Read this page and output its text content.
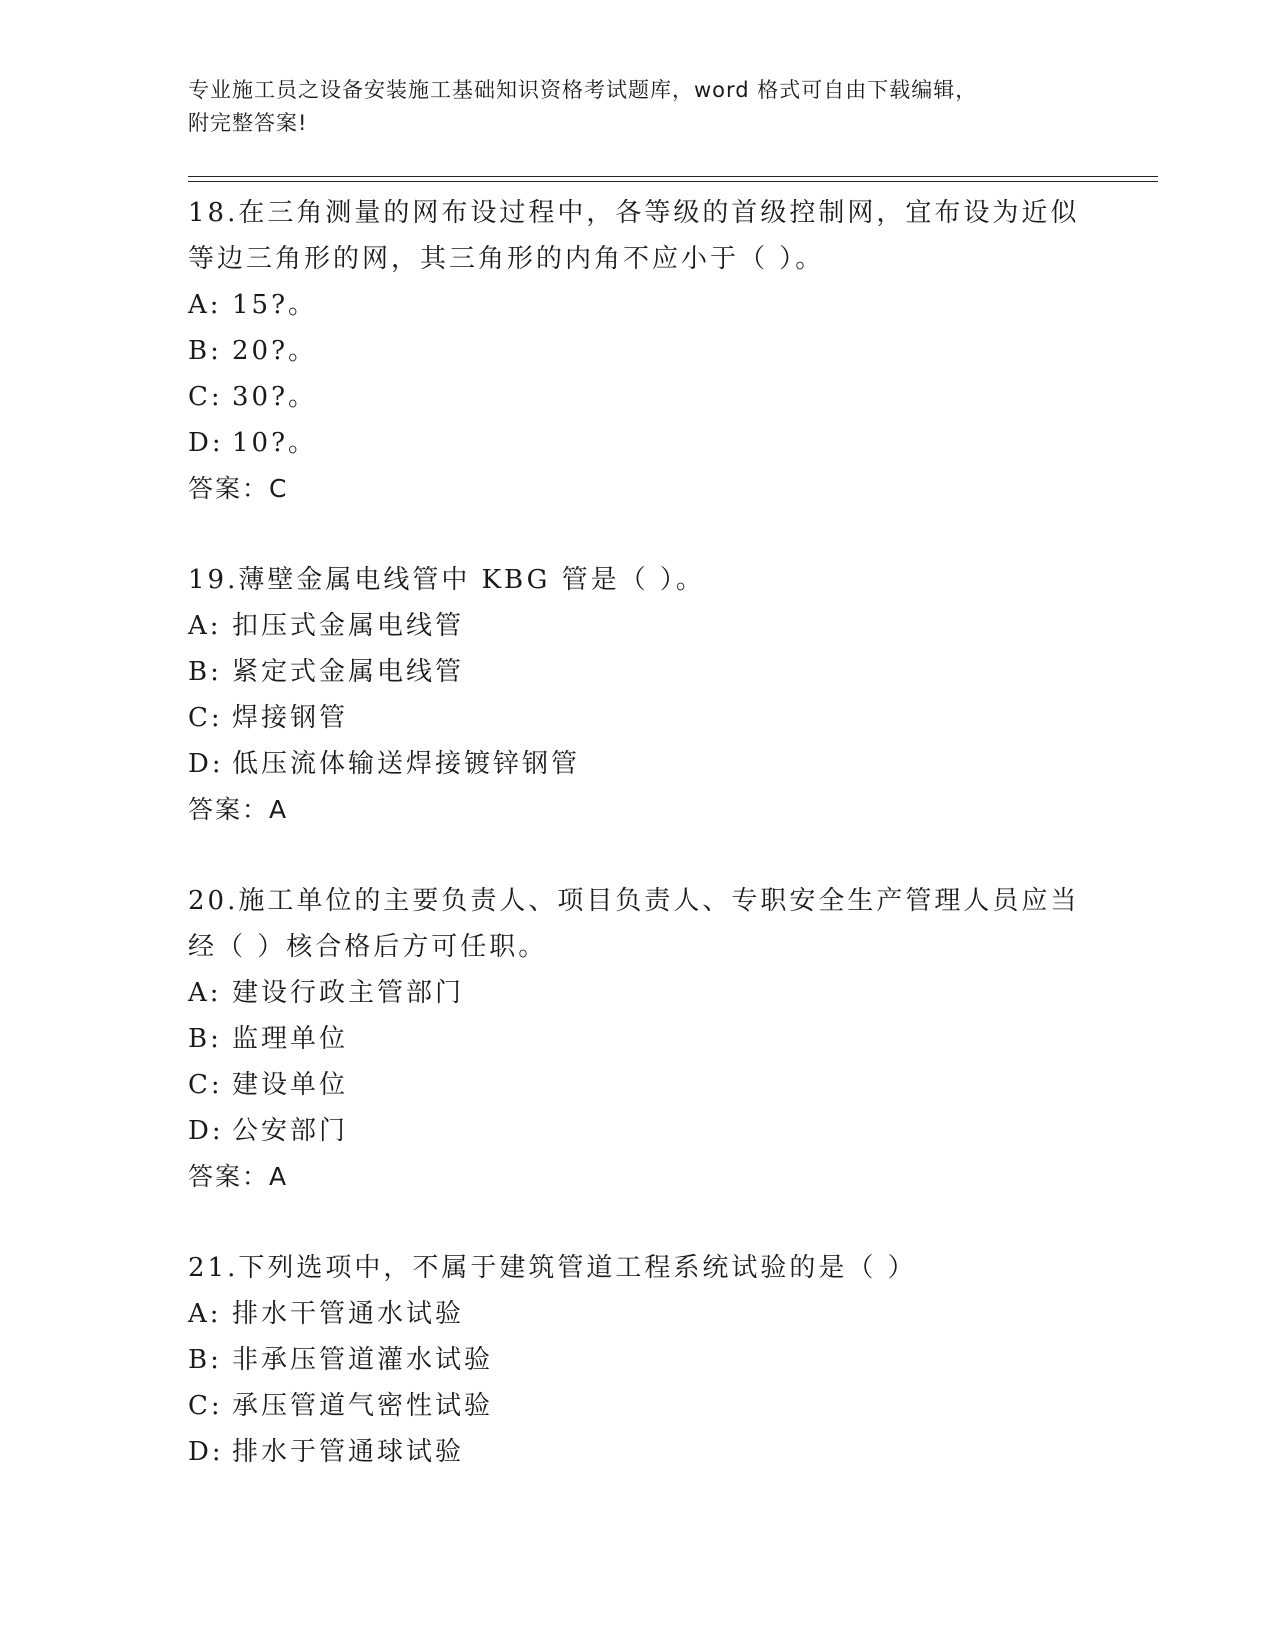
专业施工员之设备安装施工基础知识资格考试题库，word 格式可自由下载编辑，
附完整答案!

18.在三角测量的网布设过程中，各等级的首级控制网，宜布设为近似

等边三角形的网，其三角形的内角不应小于（ ）。

A: 15?。

B: 20?。

C: 30?。

D: 10?。

答案：C

19.薄壁金属电线管中 KBG 管是（ ）。

A: 扣压式金属电线管

B: 紧定式金属电线管

C: 焊接钢管

D: 低压流体输送焊接镀锌钢管

答案：A

20.施工单位的主要负责人、项目负责人、专职安全生产管理人员应当

经（ ）核合格后方可任职。

A: 建设行政主管部门

B: 监理单位

C: 建设单位

D: 公安部门

答案：A

21.下列选项中，不属于建筑管道工程系统试验的是（ ）

A: 排水干管通水试验

B: 非承压管道灌水试验

C: 承压管道气密性试验

D: 排水于管通球试验
